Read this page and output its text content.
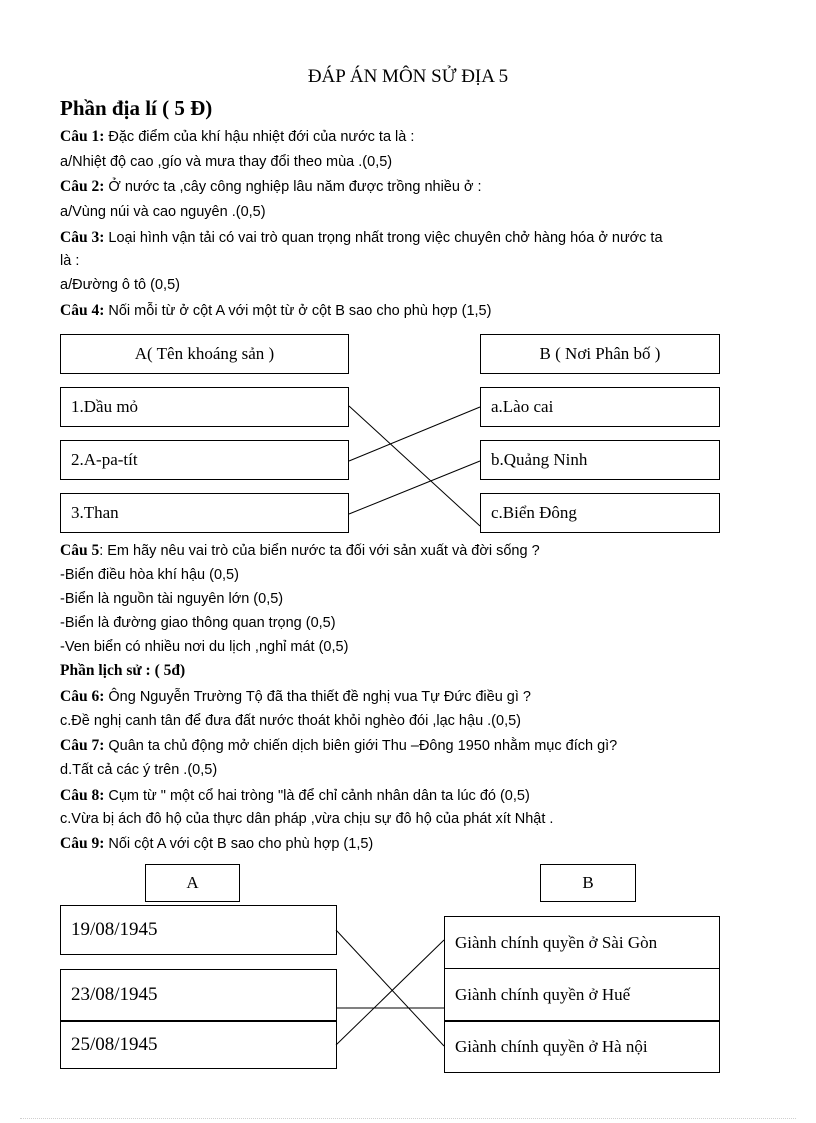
ĐÁP ÁN MÔN SỬ ĐỊA 5
Phần địa lí ( 5 Đ)
Câu 1: Đặc điểm của khí hậu nhiệt đới của nước ta là :
a/Nhiệt độ cao ,gío và mưa thay đổi theo mùa .(0,5)
Câu 2: Ở nước ta ,cây công nghiệp lâu năm được trồng nhiều ở :
a/Vùng núi và cao nguyên .(0,5)
Câu 3: Loại hình vận tải có vai trò quan trọng nhất trong việc chuyên chở hàng hóa ở nước ta
là :
a/Đường ô tô (0,5)
Câu 4: Nối mỗi từ ở cột A với một từ ở cột B sao cho phù hợp (1,5)
A( Tên khoáng sản )	B ( Nơi Phân bố )
1.Dầu mỏ
2.A-pa-tít
3.Than
a.Lào cai
b.Quảng Ninh
c.Biển Đông
Câu 5: Em hãy nêu vai trò của biển nước ta đối với sản xuất và đời sống ?
-Biển điều hòa khí hậu (0,5)
-Biển là nguồn tài nguyên lớn (0,5)
-Biển là đường giao thông quan trọng (0,5)
-Ven biển có nhiều nơi du lịch ,nghỉ mát (0,5)
Phần lịch sử : ( 5đ)
Câu 6: Ông Nguyễn Trường Tộ đã tha thiết đề nghị vua Tự Đức điều gì ?
c.Đề nghị canh tân để đưa đất nước thoát khỏi nghèo đói ,lạc hậu .(0,5)
Câu 7: Quân ta chủ động mở chiến dịch biên giới Thu –Đông 1950 nhằm mục đích gì?
d.Tất cả các ý trên .(0,5)
Câu 8: Cụm từ " một cổ hai tròng "là để chỉ cảnh nhân dân ta lúc đó (0,5)
c.Vừa bị ách đô hộ của thực dân pháp ,vừa chịu sự đô hộ của phát xít Nhật .
Câu 9: Nối cột A với cột B sao cho phù hợp (1,5)
A	B
19/08/1945
23/08/1945
25/08/1945
Giành chính quyền ở Sài Gòn
Giành chính quyền ở Huế
Giành chính quyền ở Hà nội
